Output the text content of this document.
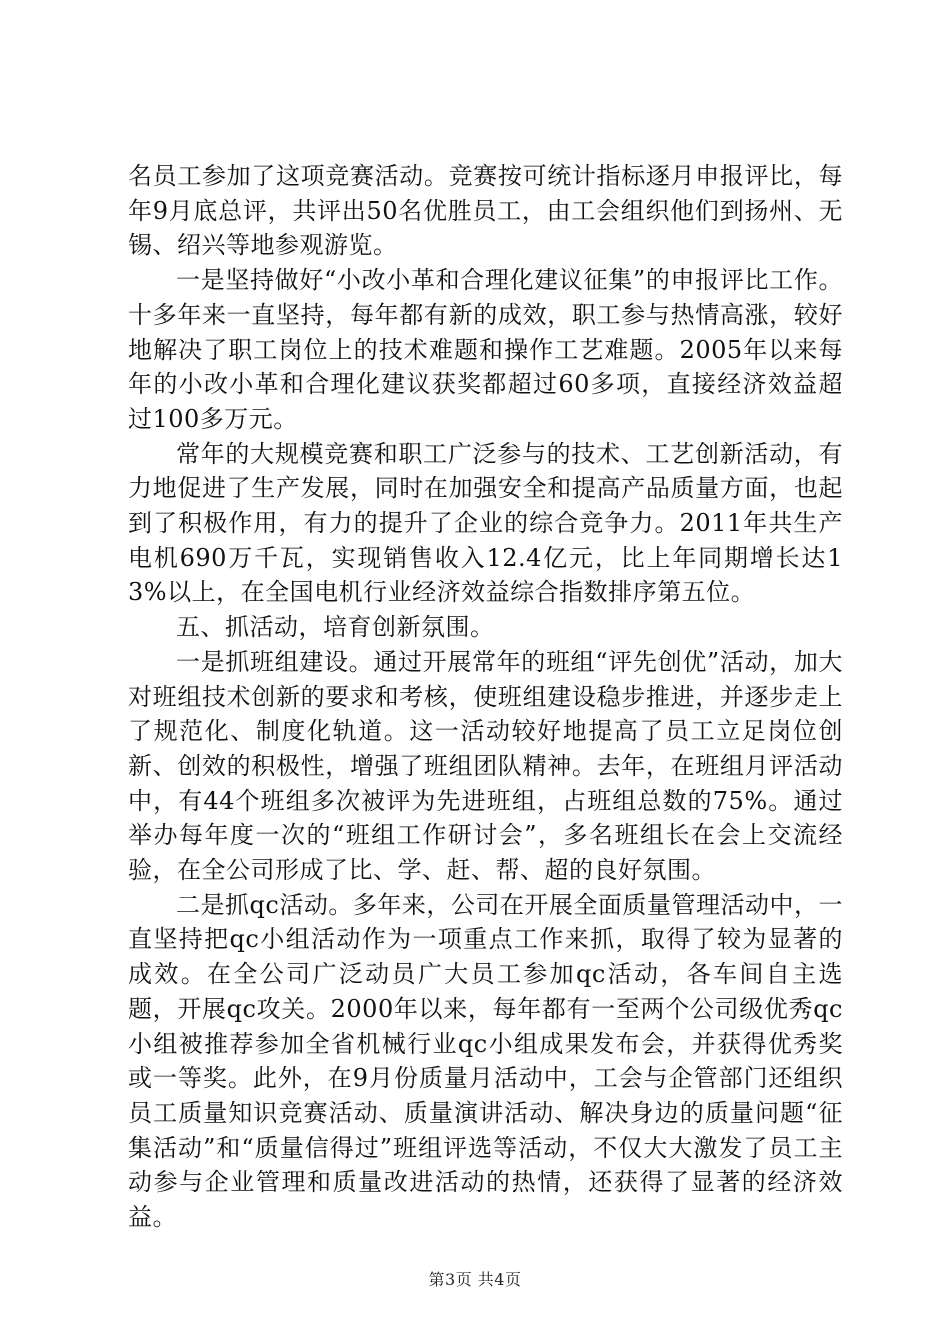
名员工参加了这项竞赛活动。竞赛按可统计指标逐月申报评比，每年9月底总评，共评出50名优胜员工，由工会组织他们到扬州、无锡、绍兴等地参观游览。

一是坚持做好“小改小革和合理化建议征集”的申报评比工作。十多年来一直坚持，每年都有新的成效，职工参与热情高涨，较好地解决了职工岗位上的技术难题和操作工艺难题。2005年以来每年的小改小革和合理化建议获奖都超过60多项，直接经济效益超过100多万元。

常年的大规模竞赛和职工广泛参与的技术、工艺创新活动，有力地促进了生产发展，同时在加强安全和提高产品质量方面，也起到了积极作用，有力的提升了企业的综合竞争力。2011年共生产电机690万千瓦，实现销售收入12.4亿元，比上年同期增长达13%以上，在全国电机行业经济效益综合指数排序第五位。

五、抓活动，培育创新氛围。

一是抓班组建设。通过开展常年的班组“评先创优”活动，加大对班组技术创新的要求和考核，使班组建设稳步推进，并逐步走上了规范化、制度化轨道。这一活动较好地提高了员工立足岗位创新、创效的积极性，增强了班组团队精神。去年，在班组月评活动中，有44个班组多次被评为先进班组，占班组总数的75%。通过举办每年度一次的“班组工作研讨会”，多名班组长在会上交流经验，在全公司形成了比、学、赶、帮、超的良好氛围。

二是抓qc活动。多年来，公司在开展全面质量管理活动中，一直坚持把qc小组活动作为一项重点工作来抓，取得了较为显著的成效。在全公司广泛动员广大员工参加qc活动，各车间自主选题，开展qc攻关。2000年以来，每年都有一至两个公司级优秀qc小组被推荐参加全省机械行业qc小组成果发布会，并获得优秀奖或一等奖。此外，在9月份质量月活动中，工会与企管部门还组织员工质量知识竞赛活动、质量演讲活动、解决身边的质量问题“征集活动”和“质量信得过”班组评选等活动，不仅大大激发了员工主动参与企业管理和质量改进活动的热情，还获得了显著的经济效益。

第3页 共4页
